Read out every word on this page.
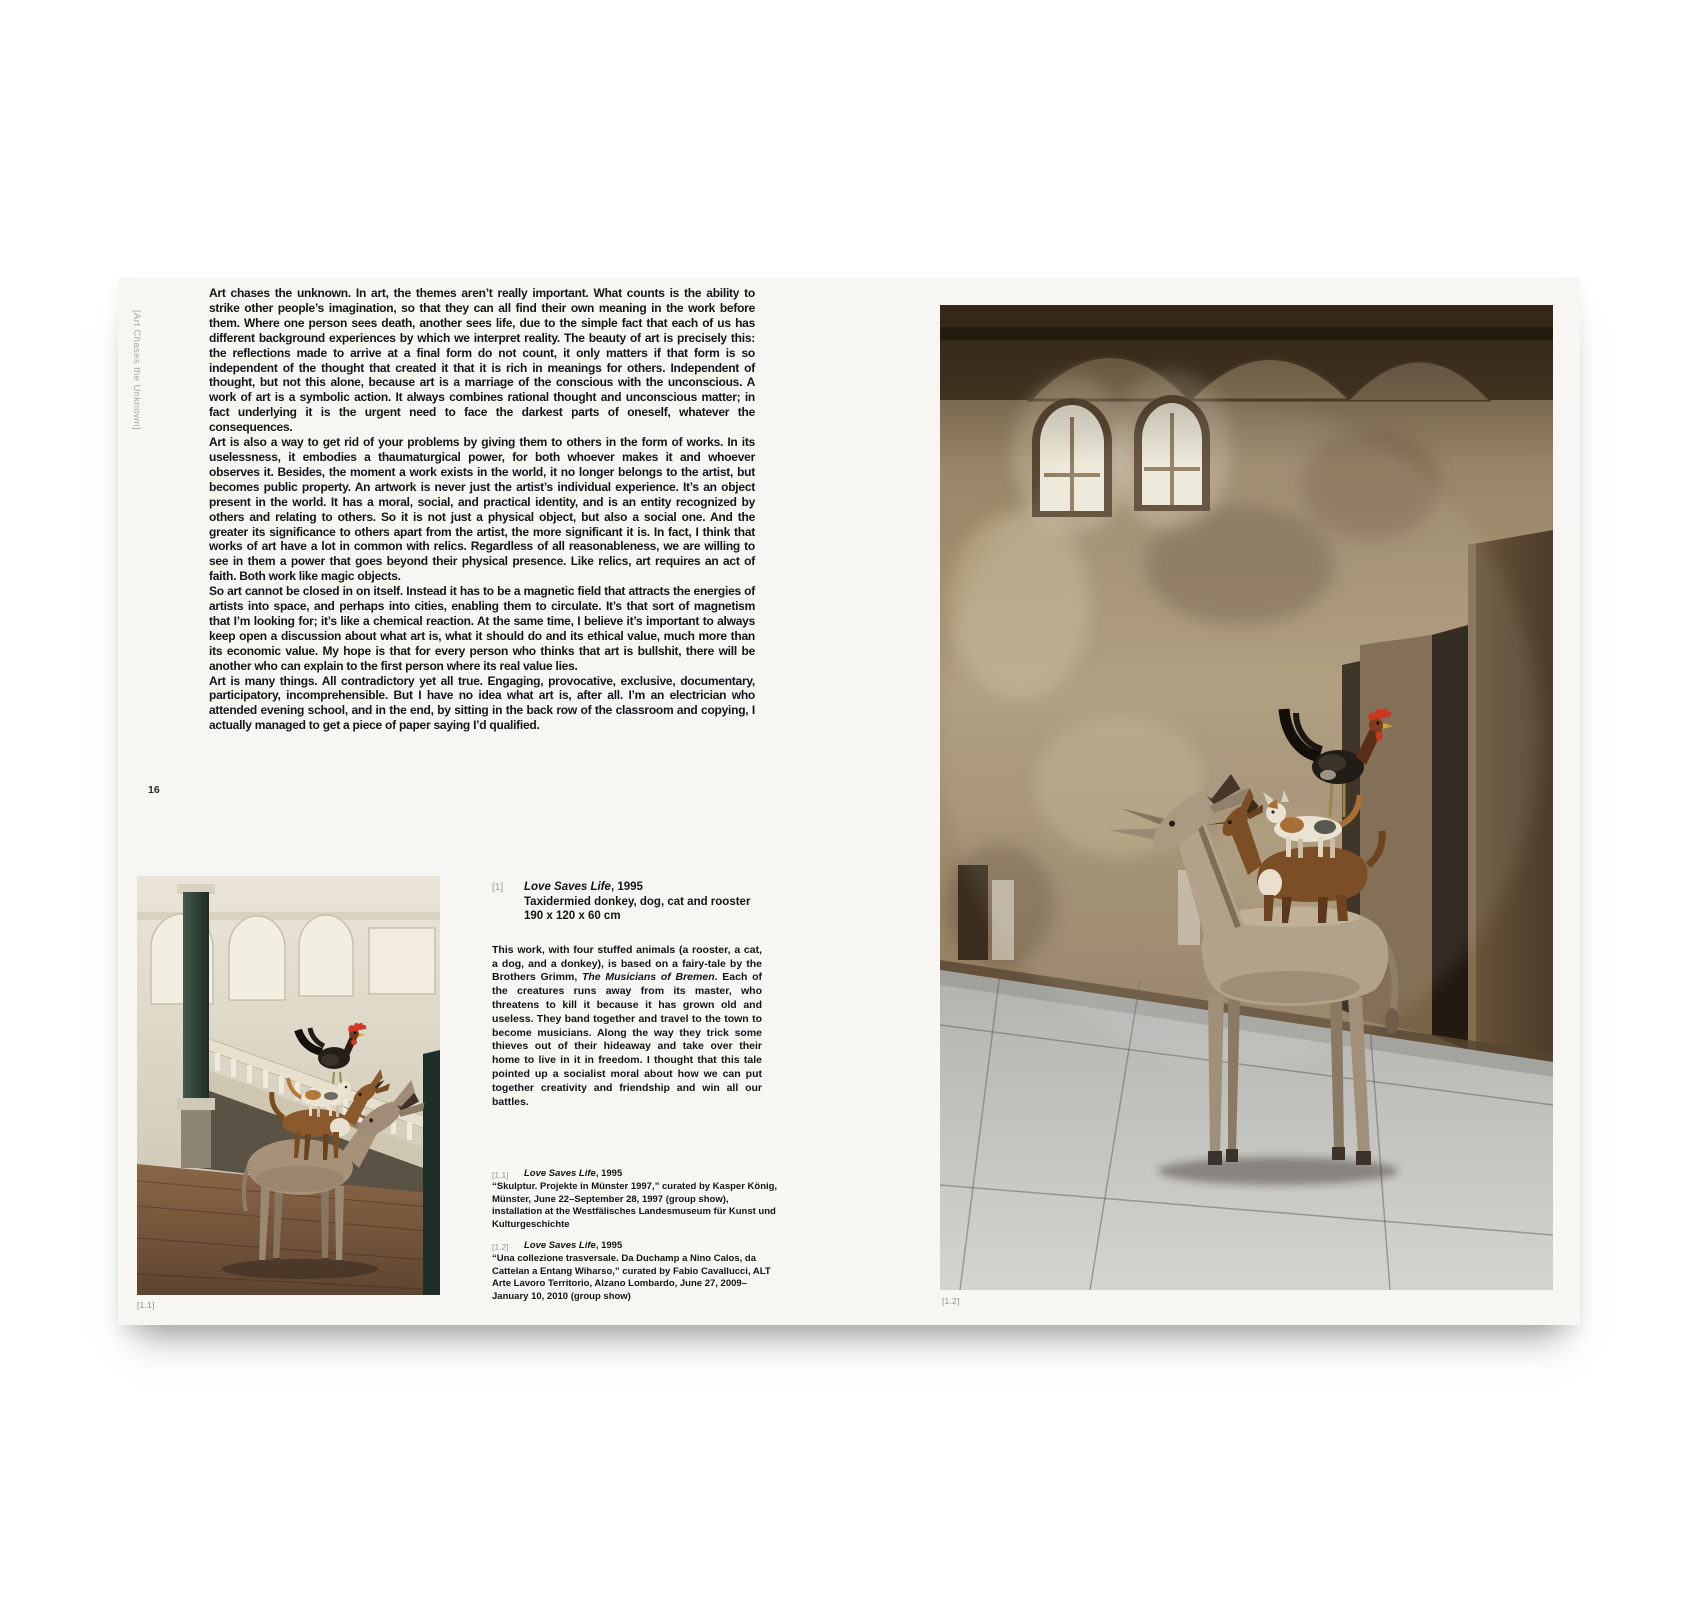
[Art Chases the Unknown]

Art chases the unknown. In art, the themes aren’t really important. What counts is the ability to strike other people’s imagination, so that they can all find their own meaning in the work before them. Where one person sees death, another sees life, due to the simple fact that each of us has different background experiences by which we interpret reality. The beauty of art is precisely this: the reflections made to arrive at a final form do not count, it only matters if that form is so independent of the thought that created it that it is rich in meanings for others. Independent of thought, but not this alone, because art is a marriage of the conscious with the unconscious. A work of art is a symbolic action. It always combines rational thought and unconscious matter; in fact underlying it is the urgent need to face the darkest parts of oneself, whatever the consequences.

Art is also a way to get rid of your problems by giving them to others in the form of works. In its uselessness, it embodies a thaumaturgical power, for both whoever makes it and whoever observes it. Besides, the moment a work exists in the world, it no longer belongs to the artist, but becomes public property. An artwork is never just the artist’s individual experience. It’s an object present in the world. It has a moral, social, and practical identity, and is an entity recognized by others and relating to others. So it is not just a physical object, but also a social one. And the greater its significance to others apart from the artist, the more significant it is. In fact, I think that works of art have a lot in common with relics. Regardless of all reasonableness, we are willing to see in them a power that goes beyond their physical presence. Like relics, art requires an act of faith. Both work like magic objects.

So art cannot be closed in on itself. Instead it has to be a magnetic field that attracts the energies of artists into space, and perhaps into cities, enabling them to circulate. It’s that sort of magnetism that I’m looking for; it’s like a chemical reaction. At the same time, I believe it’s important to always keep open a discussion about what art is, what it should do and its ethical value, much more than its economic value. My hope is that for every person who thinks that art is bullshit, there will be another who can explain to the first person where its real value lies.

Art is many things. All contradictory yet all true. Engaging, provocative, exclusive, documentary, participatory, incomprehensible. But I have no idea what art is, after all. I’m an electrician who attended evening school, and in the end, by sitting in the back row of the classroom and copying, I actually managed to get a piece of paper saying I’d qualified.

16
[1]	Love Saves Life, 1995
Taxidermied donkey, dog, cat and rooster
190 x 120 x 60 cm

This work, with four stuffed animals (a rooster, a cat, a dog, and a donkey), is based on a fairy-tale by the Brothers Grimm, The Musicians of Bremen. Each of the creatures runs away from its master, who threatens to kill it because it has grown old and useless. They band together and travel to the town to become musicians. Along the way they trick some thieves out of their hideaway and take over their home to live in it in freedom. I thought that this tale pointed up a socialist moral about how we can put together creativity and friendship and win all our battles.

[1.1]	Love Saves Life, 1995
“Skulptur. Projekte in Münster 1997,” curated by Kasper König, Münster, June 22–September 28, 1997 (group show), installation at the Westfälisches Landesmuseum für Kunst und Kulturgeschichte
[1.2]	Love Saves Life, 1995
“Una collezione trasversale. Da Duchamp a Nino Calos, da Cattelan a Entang Wiharso,” curated by Fabio Cavallucci, ALT Arte Lavoro Territorio, Alzano Lombardo, June 27, 2009–January 10, 2010 (group show)
[1.1]	[1.2]
